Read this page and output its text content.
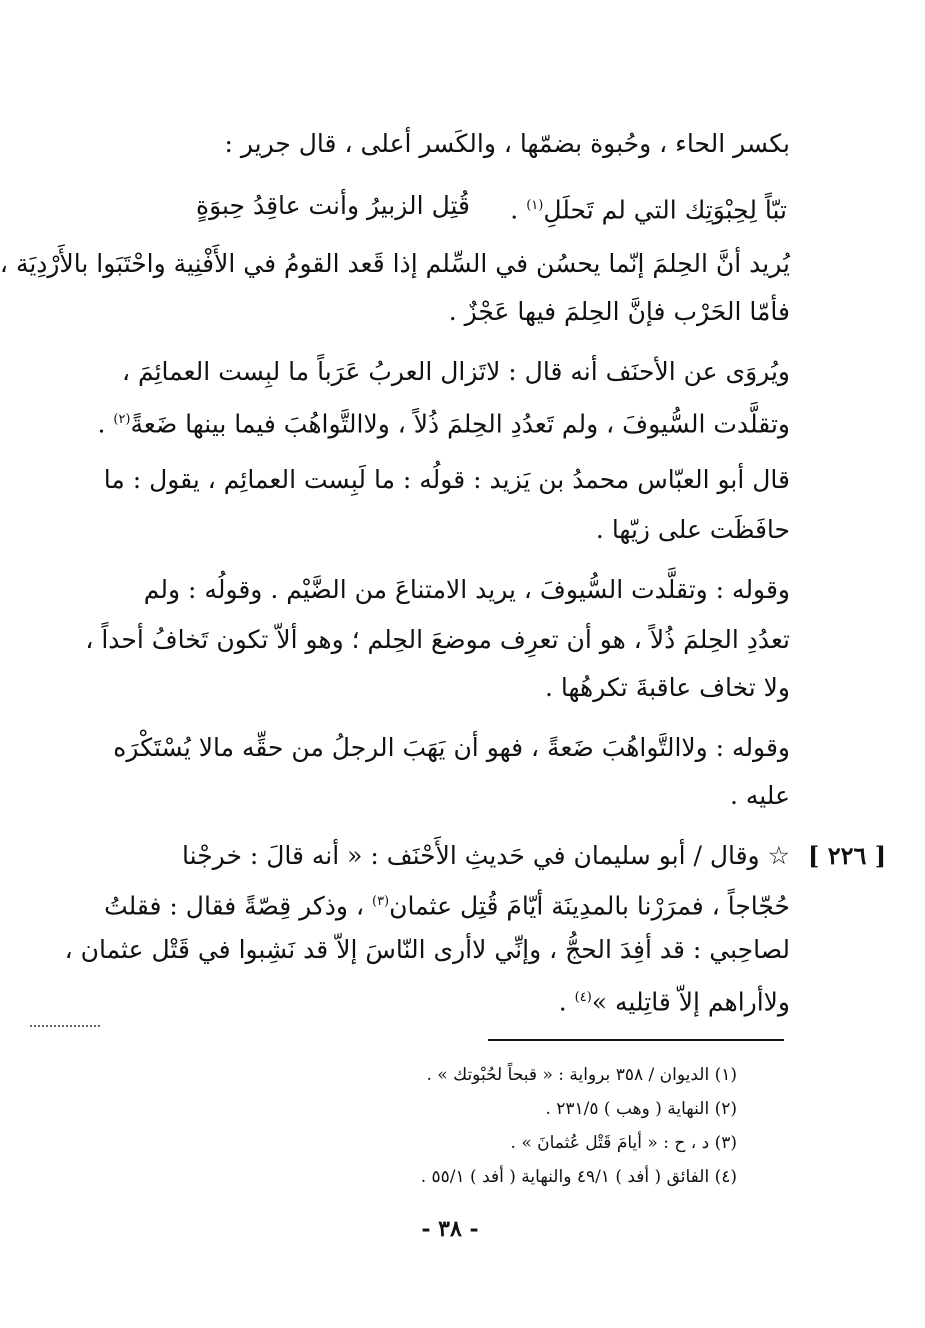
بكسر الحاء ، وحُبوة بضمّها ، والكَسر أعلى ، قال جرير :
تبّاً لِحِبْوَتِك التي لم تَحلَلِ$^{(١)}$ .
قُتِل الزبيرُ وأنت عاقِدُ حِبوَةٍ
يُريد أنَّ الحِلمَ إنّما يحسُن في السِّلم إذا قَعد القومُ في الأَفْنِية واحْتَبَوا بالأَرْدِيَة ،
فأمّا الحَرْب فإنَّ الحِلمَ فيها عَجْزٌ .
ويُروَى عن الأحنَف أنه قال : لاتَزال العربُ عَرَباً ما لبِست العمائِمَ ،
وتقلَّدت السُّيوفَ ، ولم تَعدُدِ الحِلمَ ذُلاً ، ولاالتَّواهُبَ فيما بينها ضَعةً$^{(٢)}$ .
قال أبو العبّاس محمدُ بن يَزيد : قولُه : ما لَبِست العمائِم ، يقول : ما
حافَظَت على زيّها .
وقوله : وتقلَّدت السُّيوفَ ، يريد الامتناعَ من الضَّيْم . وقولُه : ولم
تعدُدِ الحِلمَ ذُلاً ، هو أن تعرِف موضعَ الحِلم ؛ وهو ألاّ تكون تَخافُ أحداً ،
ولا تخاف عاقبةَ تكرهُها .
وقوله : ولاالتَّواهُبَ ضَعةً ، فهو أن يَهَبَ الرجلُ من حقِّه مالا يُسْتَكْرَه
عليه .
[ ٢٢٦ ]
☆ وقال / أبو سليمان في حَديثِ الأَحْنَف : « أنه قالَ : خرجْنا
حُجّاجاً ، فمرَرْنا بالمدِينَة أيّامَ قُتِل عثمان$^{(٣)}$ ، وذكر قِصّةً فقال : فقلتُ
لصاحِبي : قد أفِدَ الحجُّ ، وإنِّي لاأرى النّاسَ إلاّ قد نَشِبوا في قَتْل عثمان ،
ولاأراهم إلاّ قاتِليه »$^{(٤)}$ .
(١) الديوان / ٣٥٨ برواية : « قبحاً لحُبْوتك » .
(٢) النهاية ( وهب ) ٢٣١/٥ .
(٣) د ، ح : « أيامَ قَتْل عُثمانَ » .
(٤) الفائق ( أفد ) ٤٩/١ والنهاية ( أفد ) ٥٥/١ .
- ٣٨ -
